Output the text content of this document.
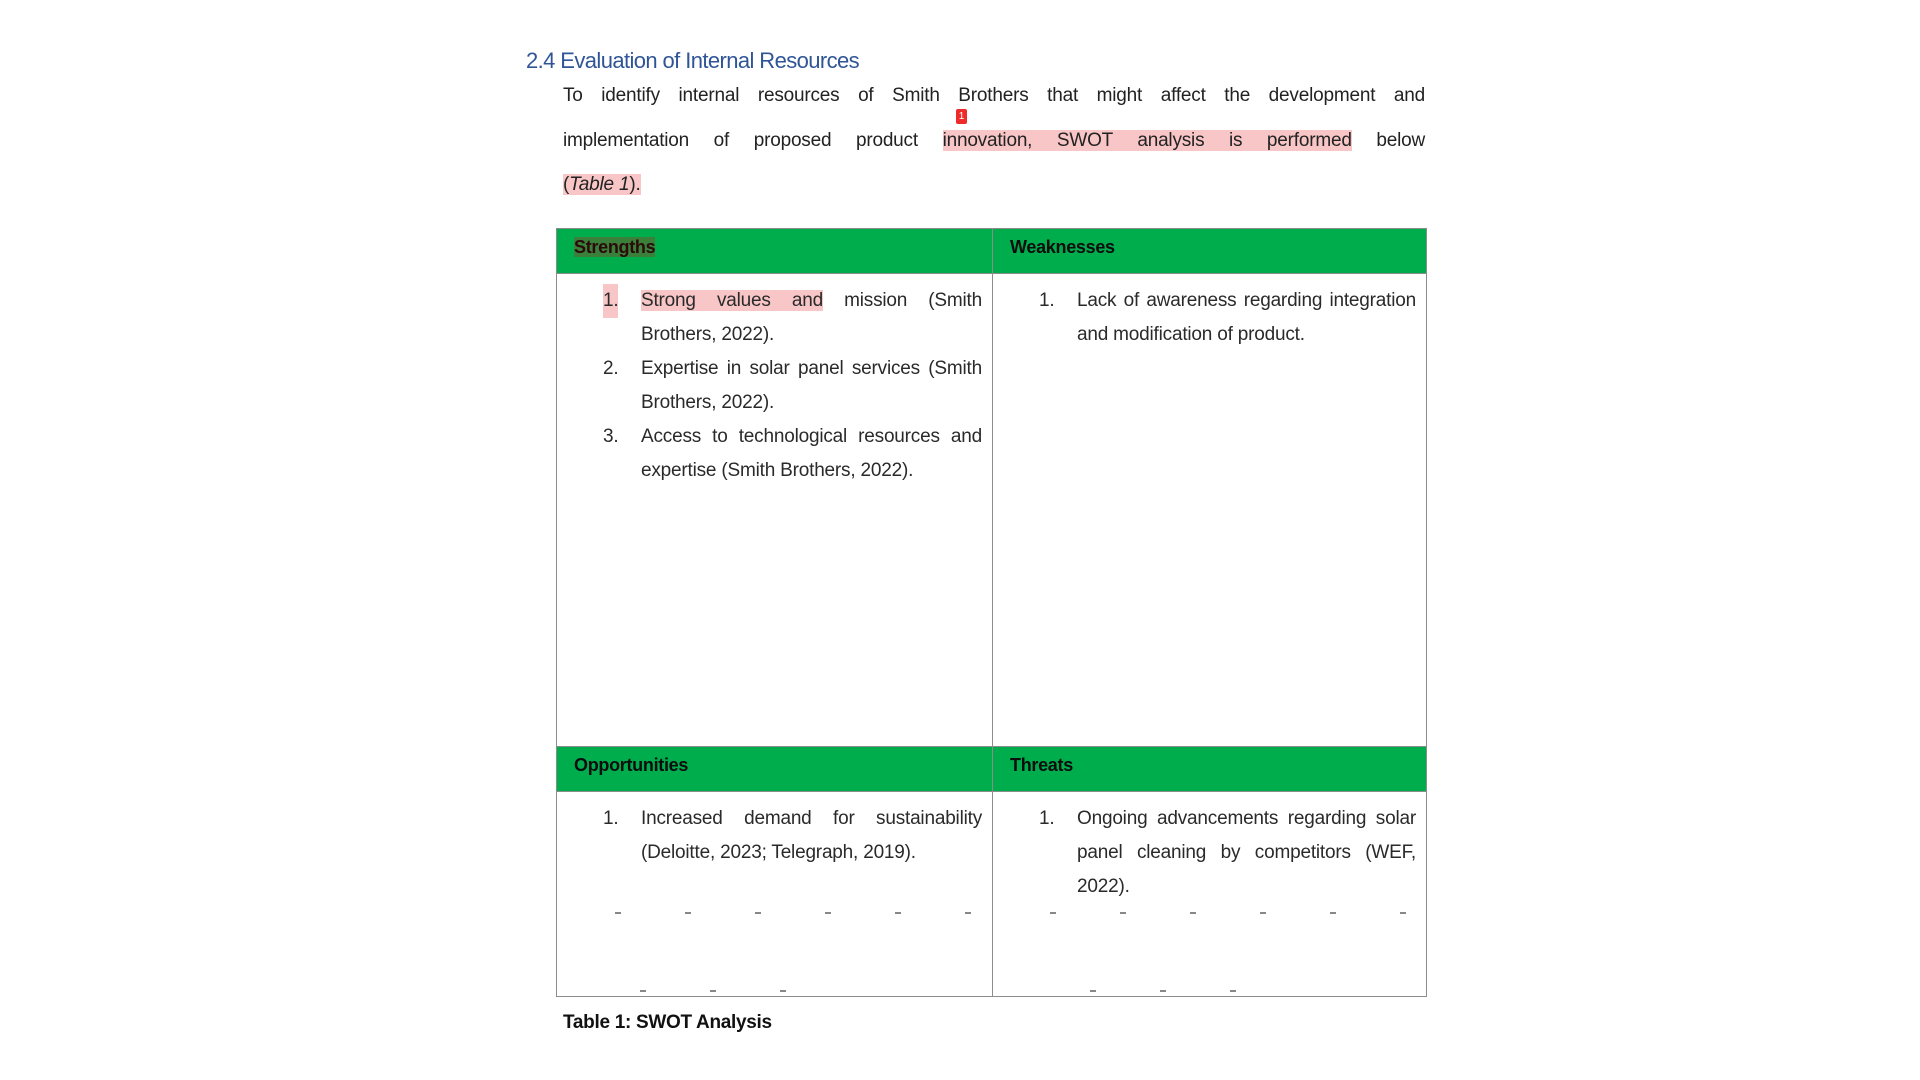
2.4 Evaluation of Internal Resources
To identify internal resources of Smith Brothers that might affect the development and
implementation of proposed product innovation, SWOT analysis is performed below
(Table 1).
1
Strengths	Weaknesses

1. Strong values and mission (Smith Brothers, 2022).
2. Expertise in solar panel services (Smith Brothers, 2022).
3. Access to technological resources and expertise (Smith Brothers, 2022).

1. Lack of awareness regarding integration and modification of product.

Opportunities	Threats

1. Increased demand for sustainability (Deloitte, 2023; Telegraph, 2019).

1. Ongoing advancements regarding solar panel cleaning by competitors (WEF, 2022).
Table 1: SWOT Analysis
